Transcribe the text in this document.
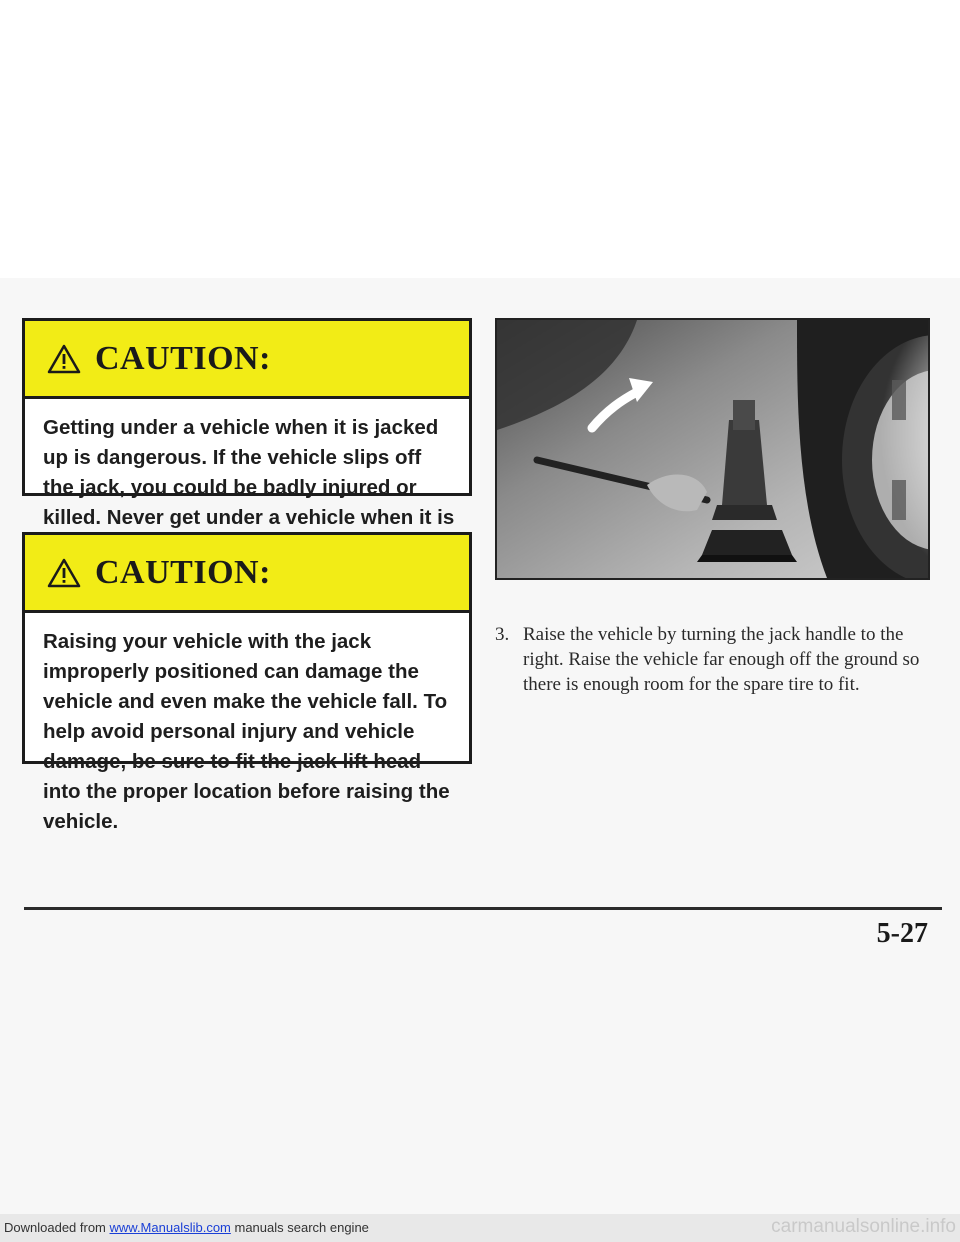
CAUTION:
Getting under a vehicle when it is jacked up is dangerous. If the vehicle slips off the jack, you could be badly injured or killed. Never get under a vehicle when it is
CAUTION:
Raising your vehicle with the jack improperly positioned can damage the vehicle and even make the vehicle fall. To help avoid personal injury and vehicle damage, be sure to fit the jack lift head into the proper location before raising the vehicle.
3. Raise the vehicle by turning the jack handle to the right. Raise the vehicle far enough off the ground so there is enough room for the spare tire to fit.
5-27
Downloaded from www.Manualslib.com manuals search engine	carmanualsonline.info
